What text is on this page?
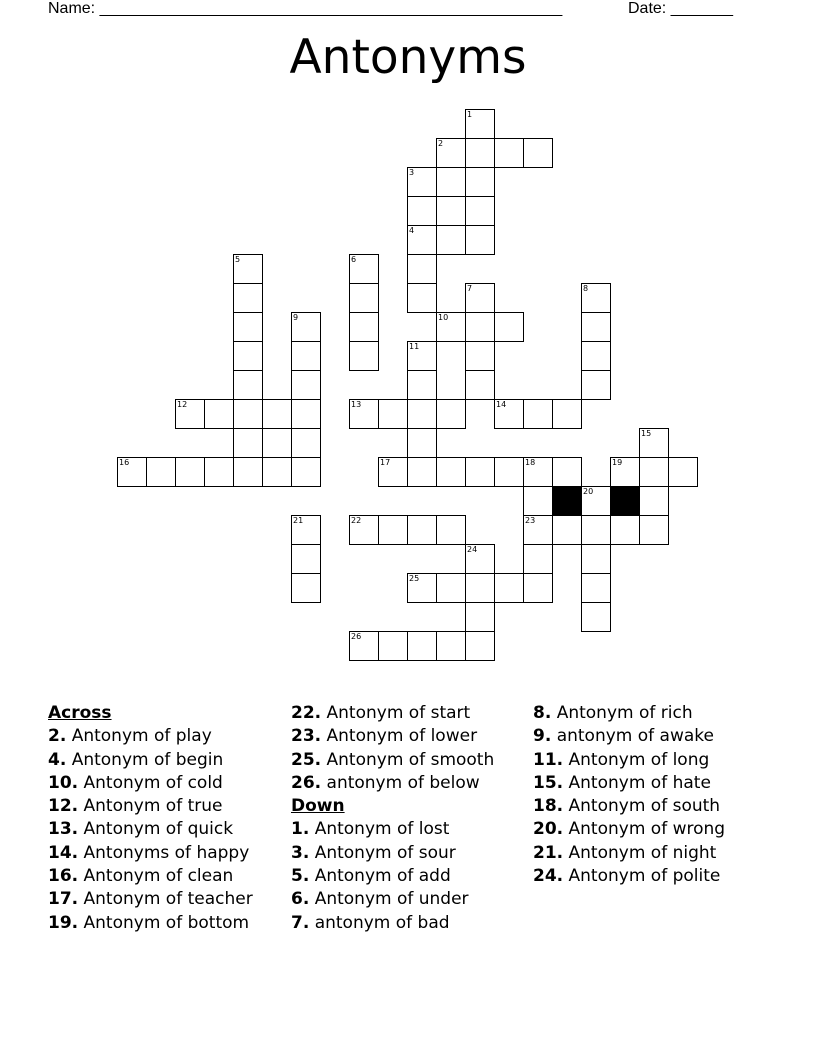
Name: ____________________________________________________	Date: _______
Antonyms
1
2
3
4
5	6
7	8
9	10
11
12	13	14
15
16	17	18	19
20
21	22	23
24
25
26
Across
2. Antonym of play
4. Antonym of begin
10. Antonym of cold
12. Antonym of true
13. Antonym of quick
14. Antonyms of happy
16. Antonym of clean
17. Antonym of teacher
19. Antonym of bottom
22. Antonym of start
23. Antonym of lower
25. Antonym of smooth
26. antonym of below
Down
1. Antonym of lost
3. Antonym of sour
5. Antonym of add
6. Antonym of under
7. antonym of bad
8. Antonym of rich
9. antonym of awake
11. Antonym of long
15. Antonym of hate
18. Antonym of south
20. Antonym of wrong
21. Antonym of night
24. Antonym of polite
